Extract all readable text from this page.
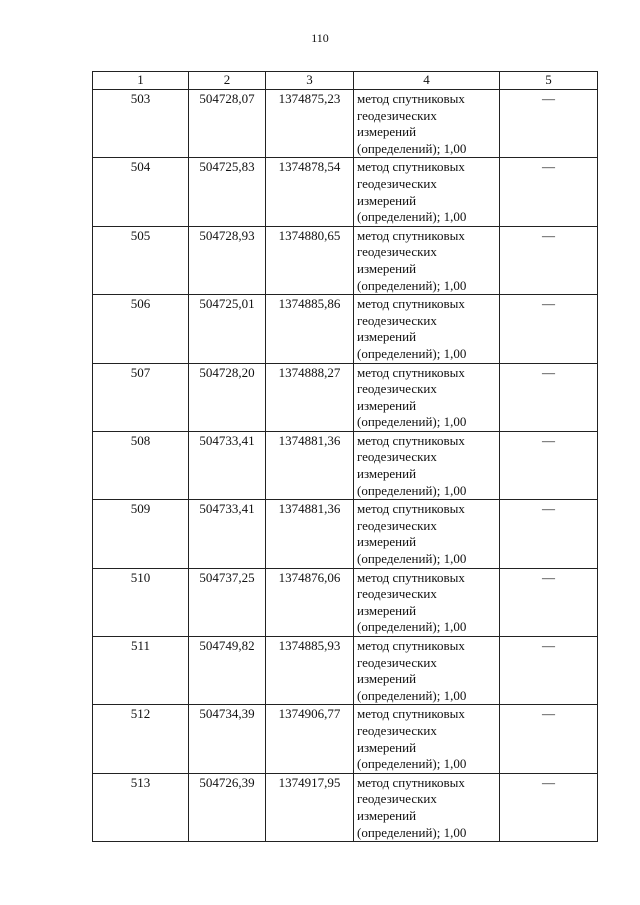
110
1	2	3	4	5
503	504728,07	1374875,23	метод спутниковых геодезических измерений (определений); 1,00	—
504	504725,83	1374878,54	метод спутниковых геодезических измерений (определений); 1,00	—
505	504728,93	1374880,65	метод спутниковых геодезических измерений (определений); 1,00	—
506	504725,01	1374885,86	метод спутниковых геодезических измерений (определений); 1,00	—
507	504728,20	1374888,27	метод спутниковых геодезических измерений (определений); 1,00	—
508	504733,41	1374881,36	метод спутниковых геодезических измерений (определений); 1,00	—
509	504733,41	1374881,36	метод спутниковых геодезических измерений (определений); 1,00	—
510	504737,25	1374876,06	метод спутниковых геодезических измерений (определений); 1,00	—
511	504749,82	1374885,93	метод спутниковых геодезических измерений (определений); 1,00	—
512	504734,39	1374906,77	метод спутниковых геодезических измерений (определений); 1,00	—
513	504726,39	1374917,95	метод спутниковых геодезических измерений (определений); 1,00	—
